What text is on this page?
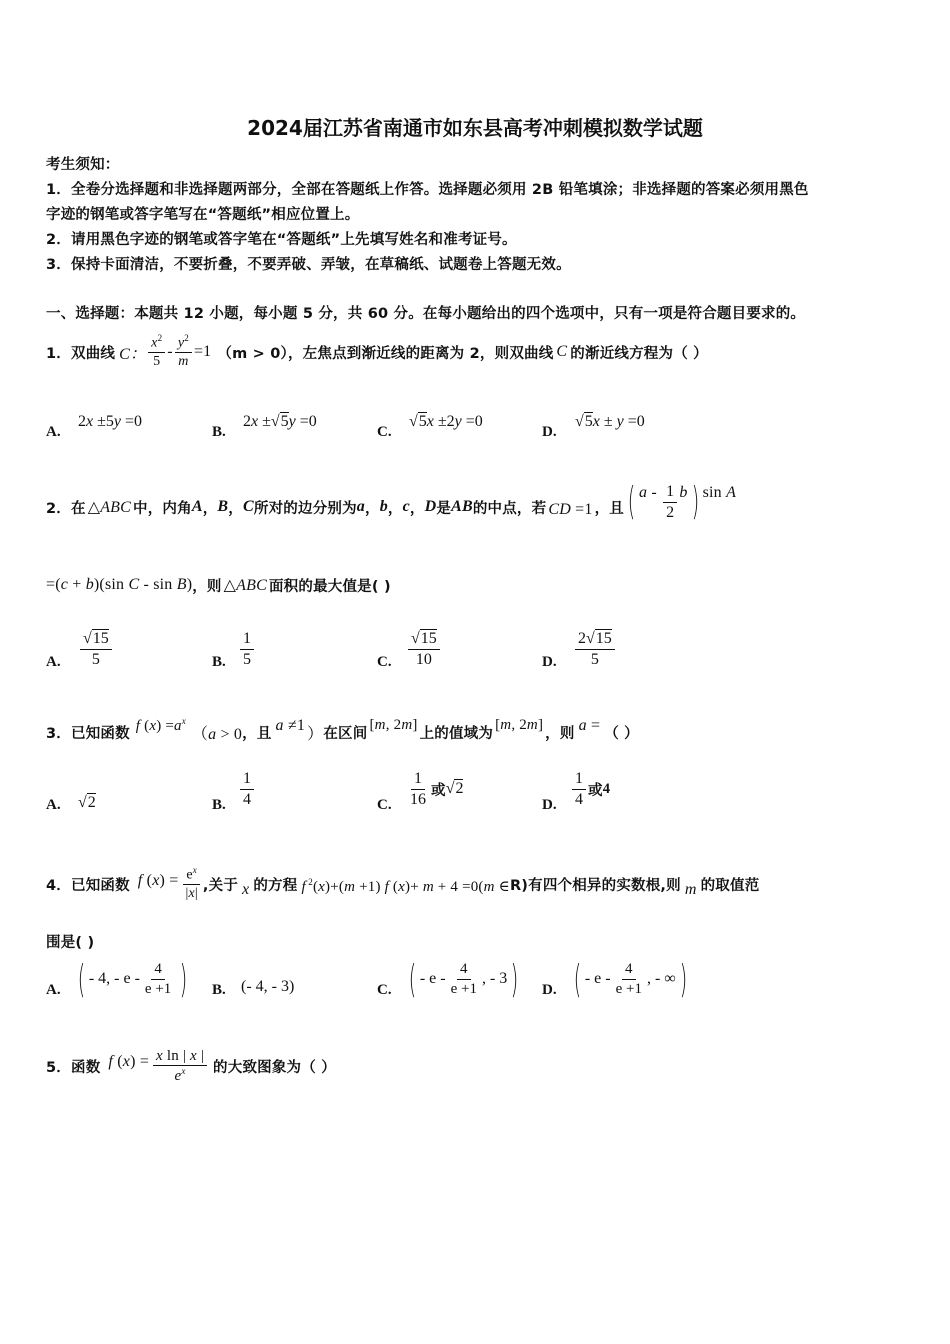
2024届江苏省南通市如东县高考冲刺模拟数学试题
考生须知：
1．全卷分选择题和非选择题两部分，全部在答题纸上作答。选择题必须用 2B 铅笔填涂；非选择题的答案必须用黑色
字迹的钢笔或答字笔写在“答题纸”相应位置上。
2．请用黑色字迹的钢笔或答字笔在“答题纸”上先填写姓名和准考证号。
3．保持卡面清洁，不要折叠，不要弄破、弄皱，在草稿纸、试题卷上答题无效。
一、选择题：本题共 12 小题，每小题 5 分，共 60 分。在每小题给出的四个选项中，只有一项是符合题目要求的。
1．双曲线 C： $\frac{x^2}{5} - \frac{y^2}{m} =1$ （m > 0），左焦点到渐近线的距离为 2，则双曲线 C 的渐近线方程为（ ）
A.
2x ±5y =0
B.
2x ±√5y =0
C.
√5x ±2y =0
D.
√5x ± y =0
2．在 △ABC 中，内角 A ， B ， C 所对的边分别为 a ， b ， c ， D 是 AB 的中点，若 CD =1 ，且 ( a - $\frac{1}{2}$ b ) sin A
=(c + b)(sin C - sin B) ，则 △ABC 面积的最大值是( )
A. $\frac{√15}{5}$	B. $\frac{1}{5}$	C. $\frac{√15}{10}$	D. $\frac{2√15}{5}$
3．已知函数 f $(x) =a^x$
（a > 0 ，且 a ≠1 ） 在区间
[m, 2m]
上的值域为
[m, 2m]
，则 a = （ ）
A. √2	B. $\frac{1}{4}$	C. $\frac{1}{16}$ 或 √2
D. $\frac{1}{4}$ 或 4
4．已知函数 f $(x) = \frac{e^x}{|x|}$ ,关于 x 的方程 f $^2$(x)+(m +1) f (x)+ m + 4 =0(m ∈ R)有四个相异的实数根,则 m 的取值范
围是( )
A. ( - 4, - e - $\frac{4}{e +1}$ ) B. (- 4, - 3)	C. ( - e - $\frac{4}{e +1}$ , - 3 ) D. ( - e - $\frac{4}{e +1}$ , - ∞ )
5．函数 f $(x) = \frac{\text{x ln | x |}}{e^x}$ 的大致图象为（ ）
